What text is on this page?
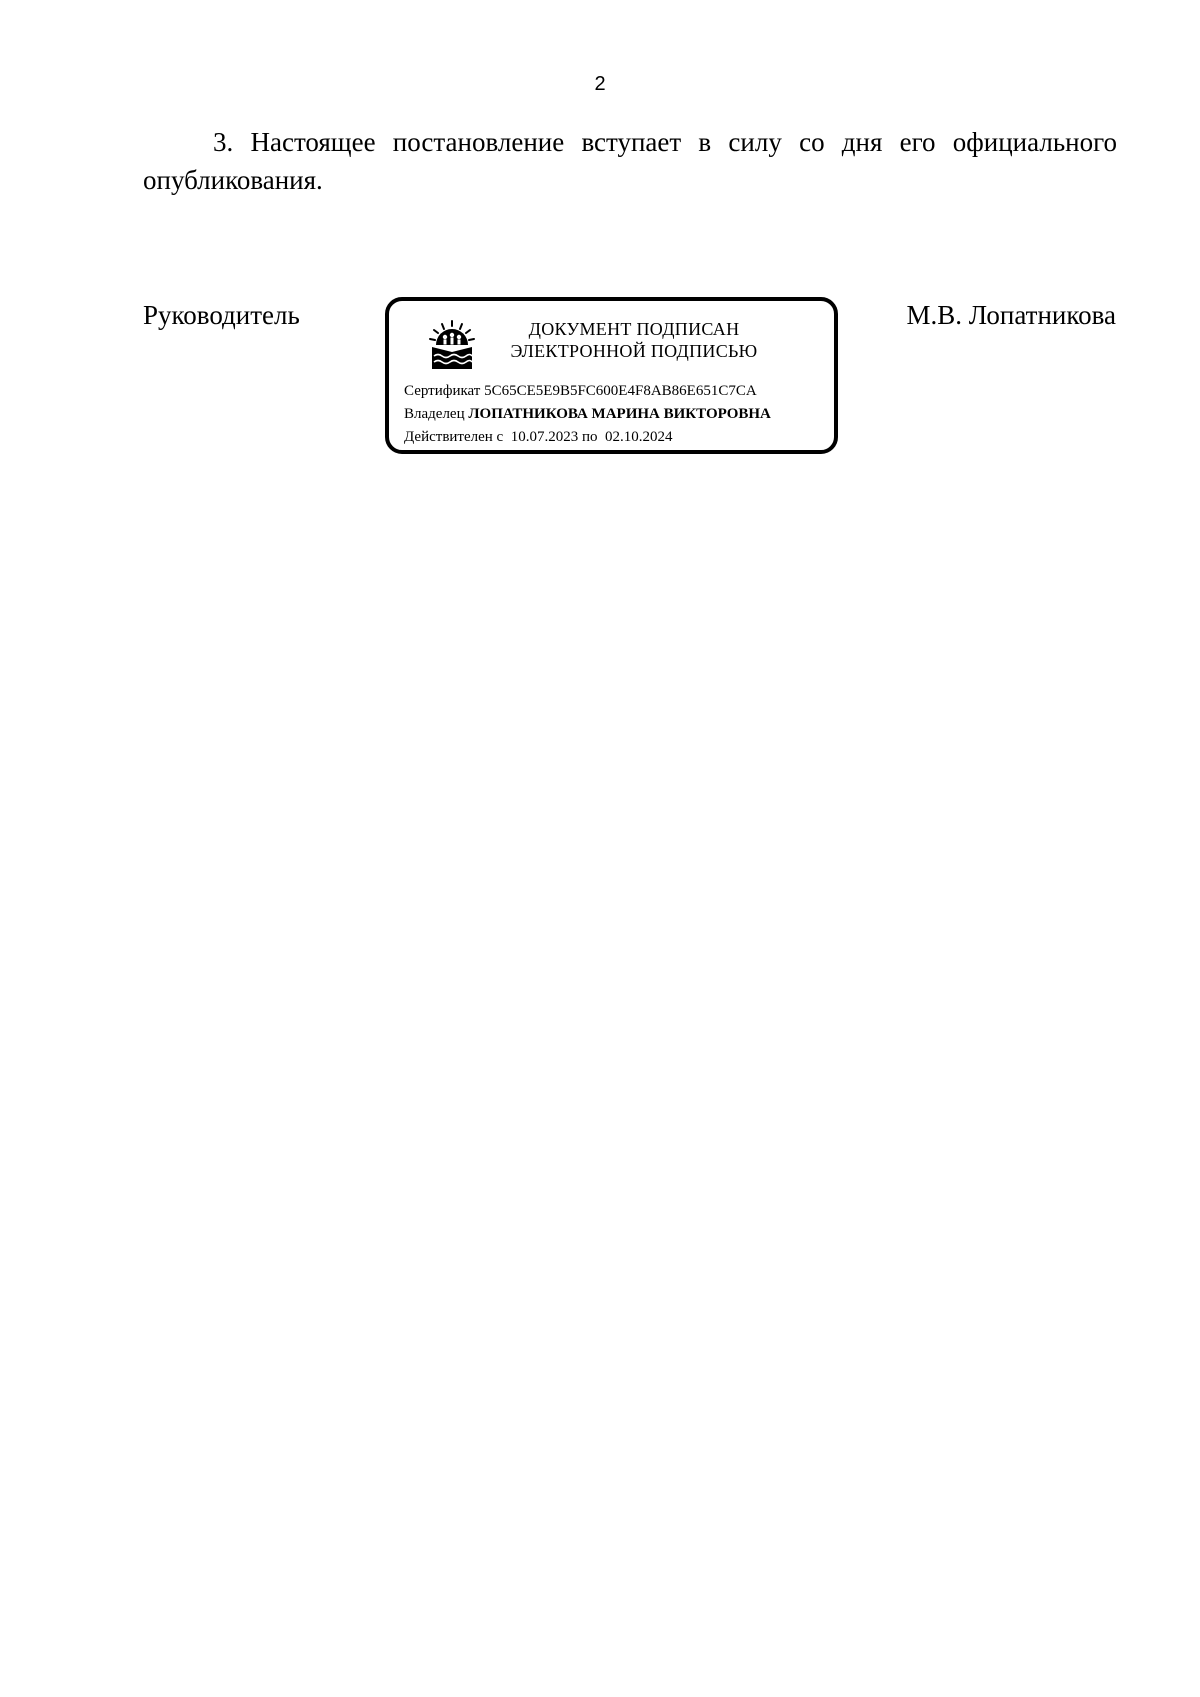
2
3. Настоящее постановление вступает в силу со дня его официального опубликования.
Руководитель	ДОКУМЕНТ ПОДПИСАН
ЭЛЕКТРОННОЙ ПОДПИСЬЮ
Сертификат 5C65CE5E9B5FC600E4F8AB86E651C7CA
Владелец ЛОПАТНИКОВА МАРИНА ВИКТОРОВНА
Действителен с 10.07.2023 по 02.10.2024
М.В. Лопатникова
